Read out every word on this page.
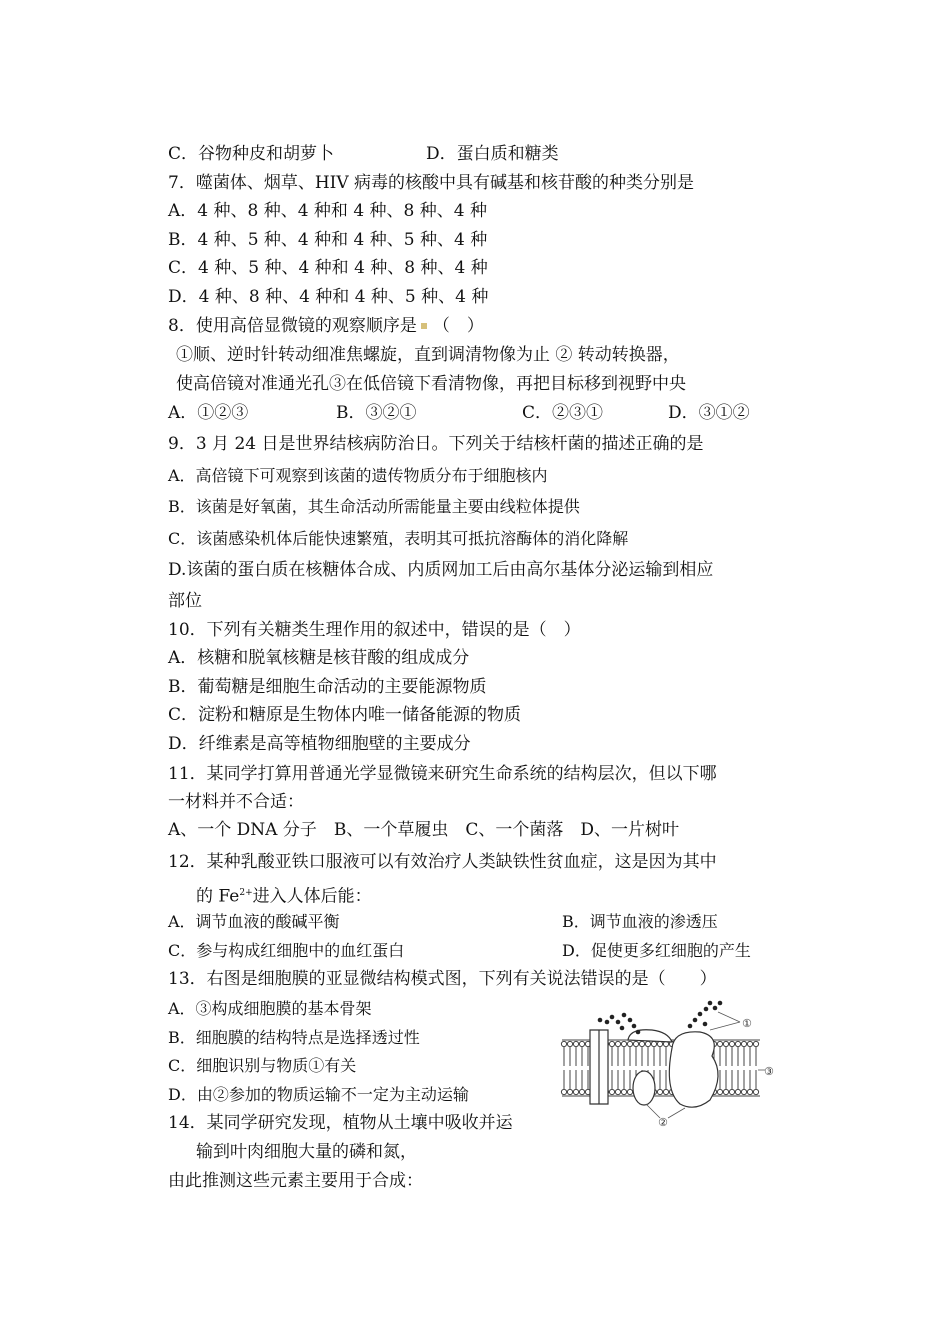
C．谷物种皮和胡萝卜	D．蛋白质和糖类
7．噬菌体、烟草、HIV 病毒的核酸中具有碱基和核苷酸的种类分别是
A．4 种、8 种、4 种和 4 种、8 种、4 种
B．4 种、5 种、4 种和 4 种、5 种、4 种
C．4 种、5 种、4 种和 4 种、8 种、4 种
D．4 种、8 种、4 种和 4 种、5 种、4 种
8．使用高倍显微镜的观察顺序是 （　）
①顺、逆时针转动细准焦螺旋，直到调清物像为止 ② 转动转换器，
使高倍镜对准通光孔③在低倍镜下看清物像，再把目标移到视野中央
A．①②③	B．③②①	C．②③①	D．③①②
9．3 月 24 日是世界结核病防治日。下列关于结核杆菌的描述正确的是
A．高倍镜下可观察到该菌的遗传物质分布于细胞核内
B．该菌是好氧菌，其生命活动所需能量主要由线粒体提供
C．该菌感染机体后能快速繁殖，表明其可抵抗溶酶体的消化降解
D.该菌的蛋白质在核糖体合成、内质网加工后由高尔基体分泌运输到相应
部位
10．下列有关糖类生理作用的叙述中，错误的是（　）
A．核糖和脱氧核糖是核苷酸的组成成分
B．葡萄糖是细胞生命活动的主要能源物质
C．淀粉和糖原是生物体内唯一储备能源的物质
D．纤维素是高等植物细胞壁的主要成分
11．某同学打算用普通光学显微镜来研究生命系统的结构层次，但以下哪
一材料并不合适：
A、一个 DNA 分子　B、一个草履虫　C、一个菌落　D、一片树叶
12．某种乳酸亚铁口服液可以有效治疗人类缺铁性贫血症，这是因为其中
的 $Fe^{2+}$进入人体后能：
A．调节血液的酸碱平衡	B．调节血液的渗透压
C．参与构成红细胞中的血红蛋白	D．促使更多红细胞的产生
13．右图是细胞膜的亚显微结构模式图，下列有关说法错误的是（　　）
A．③构成细胞膜的基本骨架
B．细胞膜的结构特点是选择透过性
C．细胞识别与物质①有关
D．由②参加的物质运输不一定为主动运输
14．某同学研究发现，植物从土壤中吸收并运
输到叶肉细胞大量的磷和氮，
由此推测这些元素主要用于合成：
①
③
②
